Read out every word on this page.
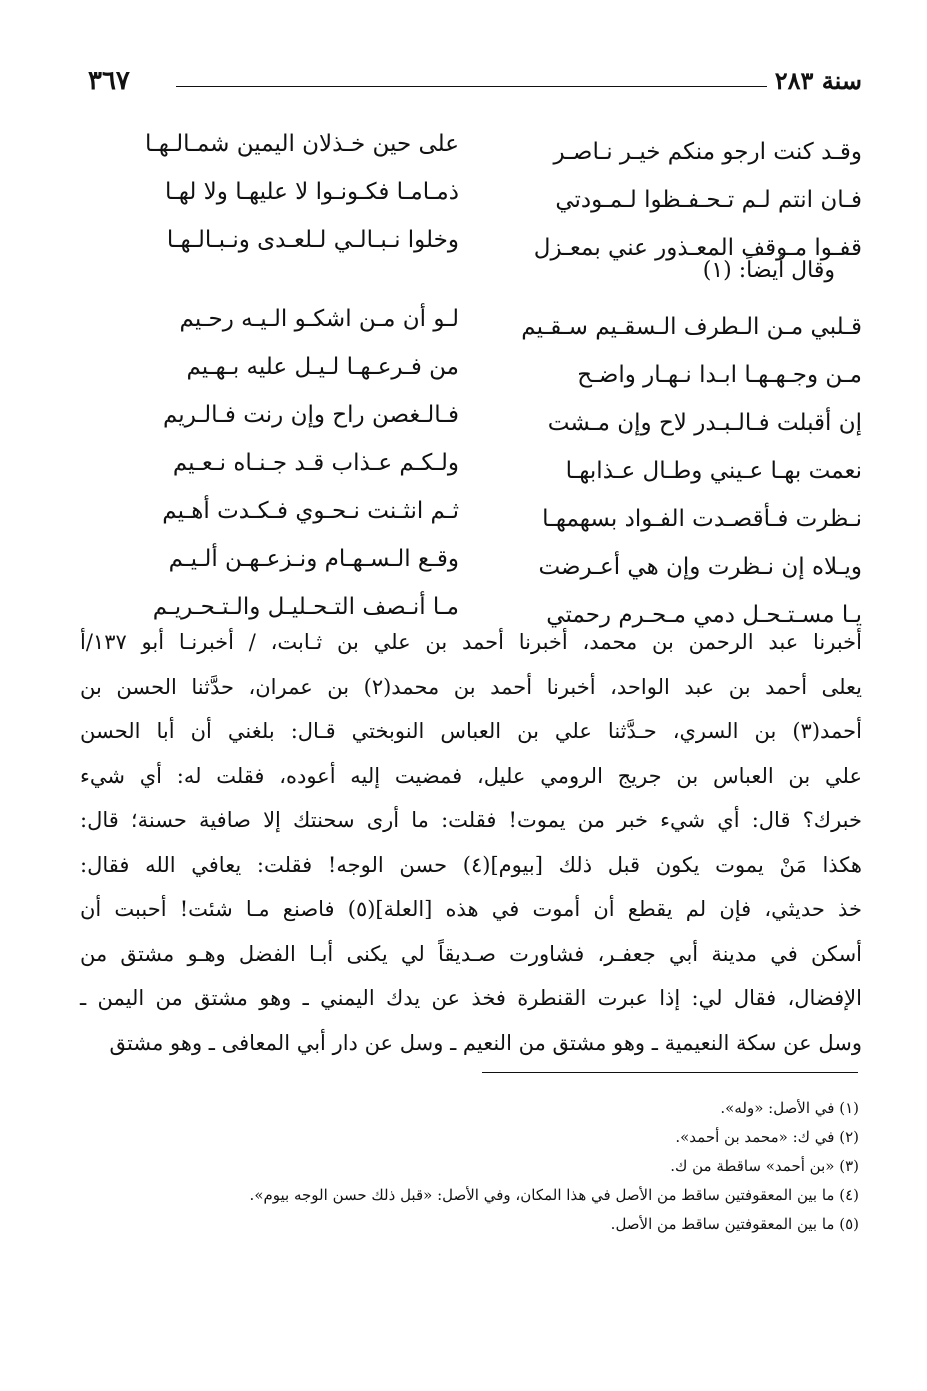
٣٦٧	سنة ٢٨٣
وقـد كنت ارجو منكم خيـر نـاصـر
فـان انتم لـم تـحـفـظوا لـمـودتي
قفـوا مـوقف المعـذور عني بمعـزل
على حين خـذلان اليمين شمـالـهـا
ذمـامـا فكـونـوا لا عليهـا ولا لهـا
وخلوا نـبـالـي لـلعـدى ونـبـالـهـا
وقال أيضاً: (١)
قـلبي مـن الـطرف الـسقـيم سـقـيم
مـن وجـهـهـا ابـدا نـهـار واضـح
إن أقبلت فـالـبـدر لاح وإن مـشت
نعمت بهـا عـيني وطـال عـذابهـا
نـظرت فـأقصـدت الفـواد بسهمهـا
ويـلاه إن نـظرت وإن هي أعـرضت
يـا مسـتـحـل دمي مـحـرم رحمتي
لـو أن مـن اشكـو الـيـه رحـيم
من فـرعـهـا لـيـل عليه بـهـيم
فـالـغصن راح وإن رنت فـالـريم
ولـكـم عـذاب قـد جـنـاه نـعـيم
ثـم انثـنت نـحـوي فـكـدت أهـيم
وقـع الـسـهـام ونـزعـهـن ألـيـم
مـا أنـصف التـحـليـل والـتـحـريـم
أخبرنا عبد الرحمن بن محمد، أخبرنا أحمد بن علي بن ثـابت، / أخبرنـا أبو ١٣٧/أ
يعلى أحمد بن عبد الواحد، أخبرنا أحمد بن محمد(٢) بن عمران، حدَّثنا الحسن بن
أحمد(٣) بن السري، حـدَّثنا علي بن العباس النوبختي قـال: بلغني أن أبا الحسن
علي بن العباس بن جريج الرومي عليل، فمضيت إليه أعوده، فقلت له: أي شيء
خبرك؟ قال: أي شيء خبر من يموت! فقلت: ما أرى سحنتك إلا صافية حسنة؛ قال:
هكذا مَنْ يموت يكون قبل ذلك [بيوم](٤) حسن الوجه! فقلت: يعافي الله فقال:
خذ حديثي، فإن لم يقطع أن أموت في هذه [العلة](٥) فاصنع مـا شئت! أحببت أن
أسكن في مدينة أبي جعفـر، فشاورت صـديقاً لي يكنى أبـا الفضل وهـو مشتق من
الإفضال، فقال لي: إذا عبرت القنطرة فخذ عن يدك اليمني ـ وهو مشتق من اليمن ـ
وسل عن سكة النعيمية ـ وهو مشتق من النعيم ـ وسل عن دار أبي المعافى ـ وهو مشتق
(١) في الأصل: «وله».
(٢) في ك: «محمد بن أحمد».
(٣) «بن أحمد» ساقطة من ك.
(٤) ما بين المعقوفتين ساقط من الأصل في هذا المكان، وفي الأصل: «قبل ذلك حسن الوجه بيوم».
(٥) ما بين المعقوفتين ساقط من الأصل.
